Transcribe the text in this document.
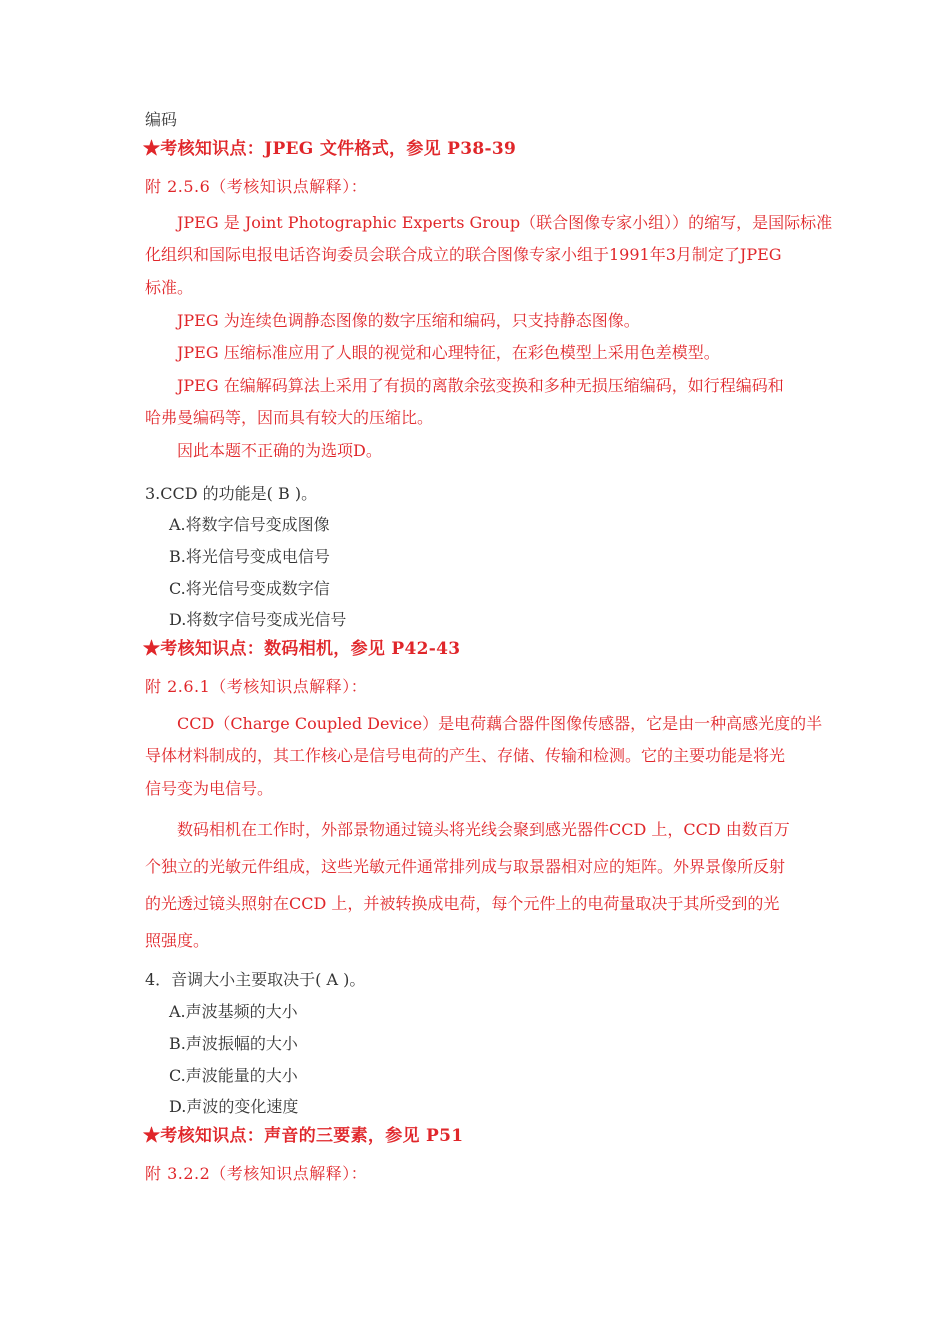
编码
★考核知识点：JPEG 文件格式，参见 P38-39
附 2.5.6（考核知识点解释）：
JPEG 是 Joint Photographic Experts Group（联合图像专家小组））的缩写，是国际标准
化组织和国际电报电话咨询委员会联合成立的联合图像专家小组于1991年3月制定了JPEG
标准。
JPEG 为连续色调静态图像的数字压缩和编码，只支持静态图像。
JPEG 压缩标准应用了人眼的视觉和心理特征，在彩色模型上采用色差模型。
JPEG 在编解码算法上采用了有损的离散余弦变换和多种无损压缩编码，如行程编码和
哈弗曼编码等，因而具有较大的压缩比。
因此本题不正确的为选项D。
3.CCD 的功能是( B )。
A.将数字信号变成图像
B.将光信号变成电信号
C.将光信号变成数字信
D.将数字信号变成光信号
★考核知识点：数码相机，参见 P42-43
附 2.6.1（考核知识点解释）：
CCD（Charge Coupled Device）是电荷藕合器件图像传感器，它是由一种高感光度的半
导体材料制成的，其工作核心是信号电荷的产生、存储、传输和检测。它的主要功能是将光
信号变为电信号。
数码相机在工作时，外部景物通过镜头将光线会聚到感光器件CCD 上，CCD 由数百万
个独立的光敏元件组成，这些光敏元件通常排列成与取景器相对应的矩阵。外界景像所反射
的光透过镜头照射在CCD 上，并被转换成电荷，每个元件上的电荷量取决于其所受到的光
照强度。
4．音调大小主要取决于( A )。
A.声波基频的大小
B.声波振幅的大小
C.声波能量的大小
D.声波的变化速度
★考核知识点：声音的三要素，参见 P51
附 3.2.2（考核知识点解释）：
